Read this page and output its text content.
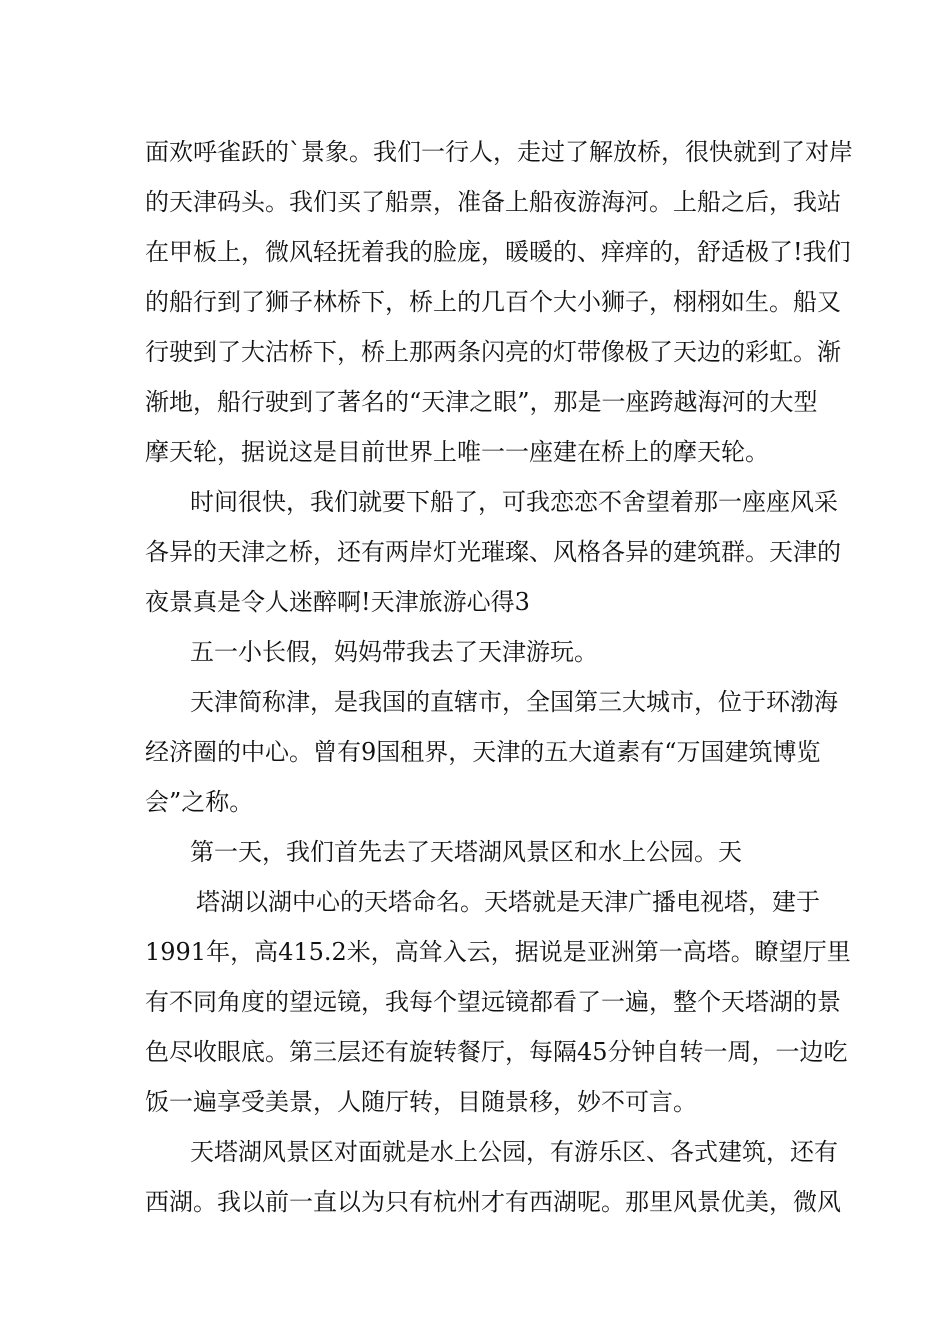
面欢呼雀跃的`景象。我们一行人，走过了解放桥，很快就到了对岸
的天津码头。我们买了船票，准备上船夜游海河。上船之后，我站
在甲板上，微风轻抚着我的脸庞，暖暖的、痒痒的，舒适极了!我们
的船行到了狮子林桥下，桥上的几百个大小狮子，栩栩如生。船又
行驶到了大沽桥下，桥上那两条闪亮的灯带像极了天边的彩虹。渐
渐地，船行驶到了著名的“天津之眼”，那是一座跨越海河的大型
摩天轮，据说这是目前世界上唯一一座建在桥上的摩天轮。
时间很快，我们就要下船了，可我恋恋不舍望着那一座座风采
各异的天津之桥，还有两岸灯光璀璨、风格各异的建筑群。天津的
夜景真是令人迷醉啊!天津旅游心得3
五一小长假，妈妈带我去了天津游玩。
天津简称津，是我国的直辖市，全国第三大城市，位于环渤海
经济圈的中心。曾有9国租界，天津的五大道素有“万国建筑博览
会”之称。
第一天，我们首先去了天塔湖风景区和水上公园。天
塔湖以湖中心的天塔命名。天塔就是天津广播电视塔，建于
1991年，高415.2米，高耸入云，据说是亚洲第一高塔。瞭望厅里
有不同角度的望远镜，我每个望远镜都看了一遍，整个天塔湖的景
色尽收眼底。第三层还有旋转餐厅，每隔45分钟自转一周，一边吃
饭一遍享受美景，人随厅转，目随景移，妙不可言。
天塔湖风景区对面就是水上公园，有游乐区、各式建筑，还有
西湖。我以前一直以为只有杭州才有西湖呢。那里风景优美，微风
